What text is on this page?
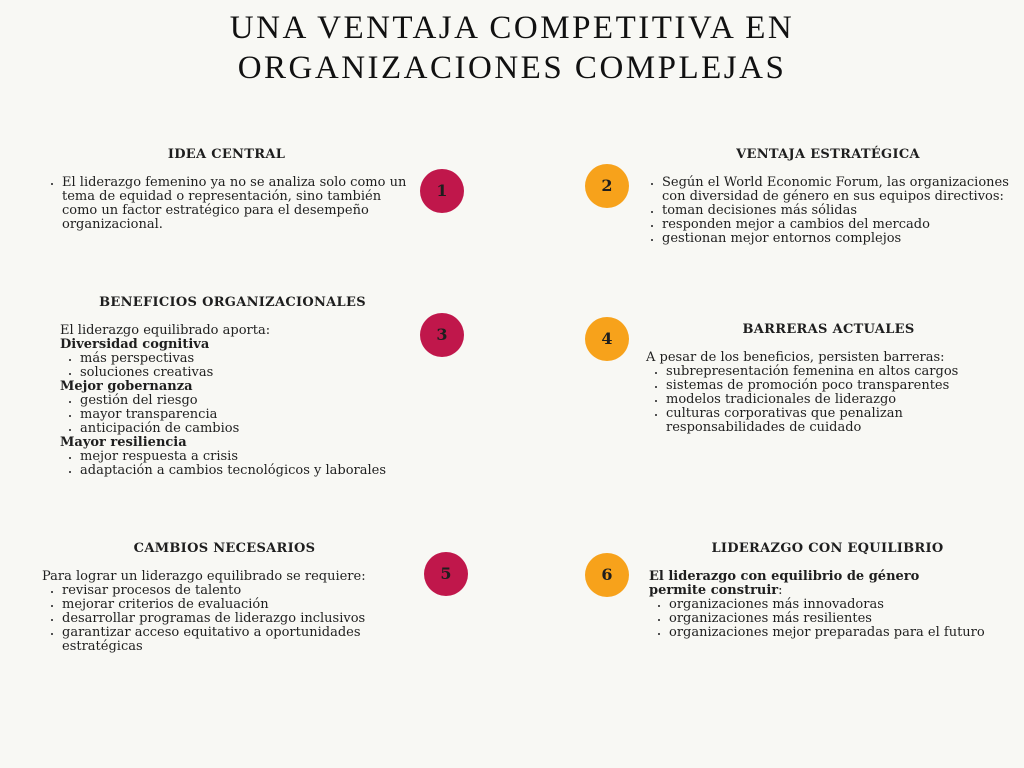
UNA VENTAJA COMPETITIVA EN
ORGANIZACIONES COMPLEJAS
IDEA CENTRAL
• El liderazgo femenino ya no se analiza solo como un tema de equidad o representación, sino también como un factor estratégico para el desempeño organizacional.
1
VENTAJA ESTRATÉGICA
• Según el World Economic Forum, las organizaciones con diversidad de género en sus equipos directivos:
• toman decisiones más sólidas
• responden mejor a cambios del mercado
• gestionan mejor entornos complejos
2
BENEFICIOS ORGANIZACIONALES

El liderazgo equilibrado aporta:

Diversidad cognitiva
• más perspectivas
• soluciones creativas
Mejor gobernanza
• gestión del riesgo
• mayor transparencia
• anticipación de cambios
Mayor resiliencia
• mejor respuesta a crisis
• adaptación a cambios tecnológicos y laborales
3	BARRERAS ACTUALES

A pesar de los beneficios, persisten barreras:

• subrepresentación femenina en altos cargos
• sistemas de promoción poco transparentes
• modelos tradicionales de liderazgo
• culturas corporativas que penalizan responsabilidades de cuidado
4
CAMBIOS NECESARIOS

Para lograr un liderazgo equilibrado se requiere:

• revisar procesos de talento
• mejorar criterios de evaluación
• desarrollar programas de liderazgo inclusivos
• garantizar acceso equitativo a oportunidades estratégicas
5
LIDERAZGO CON EQUILIBRIO

El liderazgo con equilibrio de género permite construir:

• organizaciones más innovadoras
• organizaciones más resilientes
• organizaciones mejor preparadas para el futuro
6
